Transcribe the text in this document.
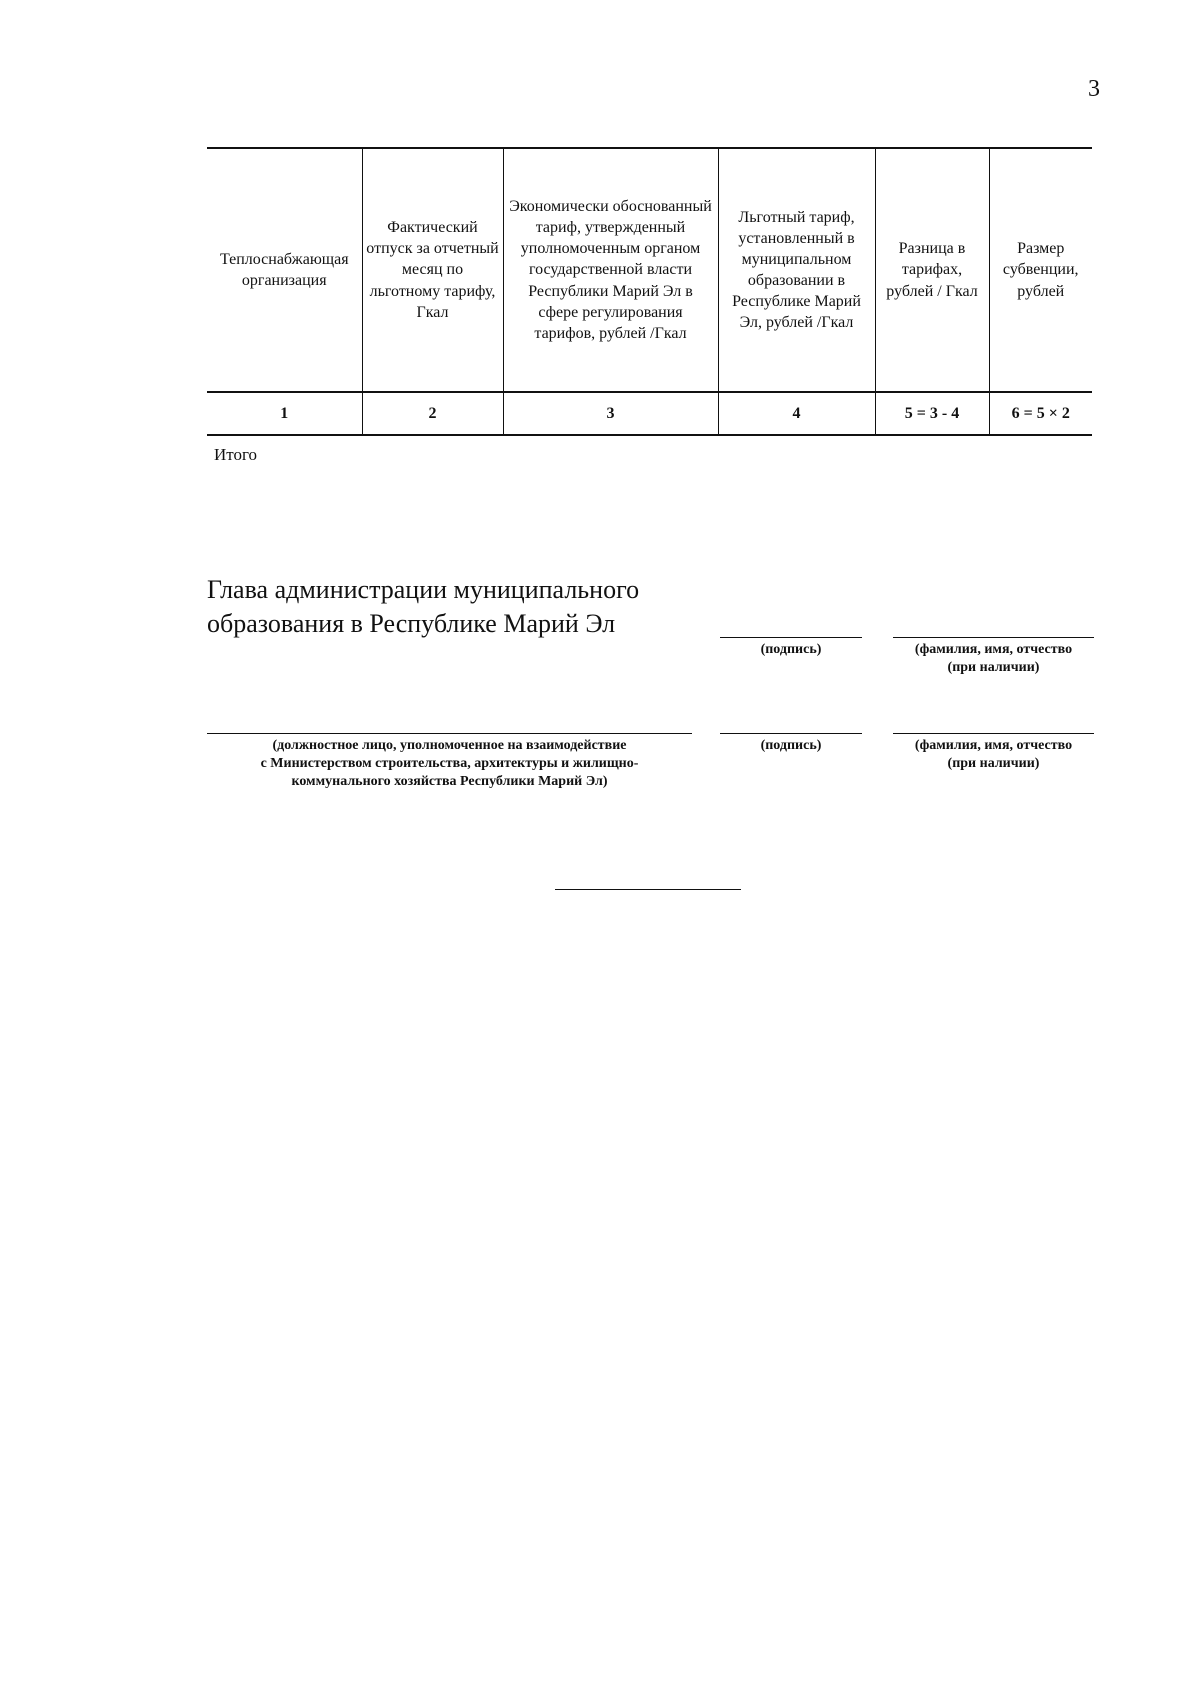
3
Теплоснабжающая организация	Фактический отпуск за отчетный месяц по льготному тарифу, Гкал	Экономически обоснованный тариф, утвержденный уполномоченным органом государственной власти Республики Марий Эл в сфере регулирования тарифов, рублей /Гкал	Льготный тариф, установленный в муниципальном образовании в Республике Марий Эл, рублей /Гкал	Разница в тарифах, рублей / Гкал	Размер субвенции, рублей
1	2	3	4	5 = 3 - 4	6 = 5 × 2
Итого
Глава администрации муниципального
образования в Республике Марий Эл
(подпись)	(фамилия, имя, отчество
(при наличии)
(должностное лицо, уполномоченное на взаимодействие
с Министерством строительства, архитектуры и жилищно-
коммунального хозяйства Республики Марий Эл)
(подпись)	(фамилия, имя, отчество
(при наличии)
